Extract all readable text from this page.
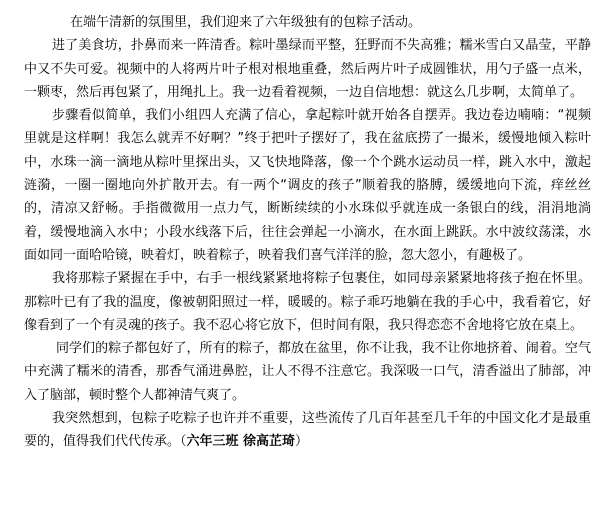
在端午清新的氛围里，我们迎来了六年级独有的包粽子活动。

进了美食坊，扑鼻而来一阵清香。粽叶墨绿而平整，狂野而不失高雅；糯米雪白又晶莹，平静中又不失可爱。视频中的人将两片叶子根对根地重叠，然后两片叶子成圆锥状，用勺子盛一点米，一颗枣，然后再包紧了，用绳扎上。我一边看着视频，一边自信地想：就这么几步啊，太简单了。

步骤看似简单，我们小组四人充满了信心，拿起粽叶就开始各自摆弄。我边卷边喃喃：“视频里就是这样啊！我怎么就弄不好啊？”终于把叶子摆好了，我在盆底捞了一撮米，缓慢地倾入粽叶中，水珠一滴一滴地从粽叶里探出头，又飞快地降落，像一个个跳水运动员一样，跳入水中，激起涟漪，一圈一圈地向外扩散开去。有一两个“调皮的孩子”顺着我的胳膊，缓缓地向下流，痒丝丝的，清凉又舒畅。手指微微用一点力气，断断续续的小水珠似乎就连成一条银白的线，涓涓地淌着，缓慢地滴入水中；小段水线落下后，往往会弹起一小滴水，在水面上跳跃。水中波纹荡漾，水面如同一面哈哈镜，映着灯，映着粽子，映着我们喜气洋洋的脸，忽大忽小，有趣极了。

我将那粽子紧握在手中，右手一根线紧紧地将粽子包裹住，如同母亲紧紧地将孩子抱在怀里。那粽叶已有了我的温度，像被朝阳照过一样，暖暖的。粽子乖巧地躺在我的手心中，我看着它，好像看到了一个有灵魂的孩子。我不忍心将它放下，但时间有限，我只得恋恋不舍地将它放在桌上。

同学们的粽子都包好了，所有的粽子，都放在盆里，你不让我，我不让你地挤着、闹着。空气中充满了糯米的清香，那香气涌进鼻腔，让人不得不注意它。我深吸一口气，清香溢出了肺部，冲入了脑部，顿时整个人都神清气爽了。

我突然想到，包粽子吃粽子也许并不重要，这些流传了几百年甚至几千年的中国文化才是最重要的，值得我们代代传承。（六年三班 徐高芷琦）
